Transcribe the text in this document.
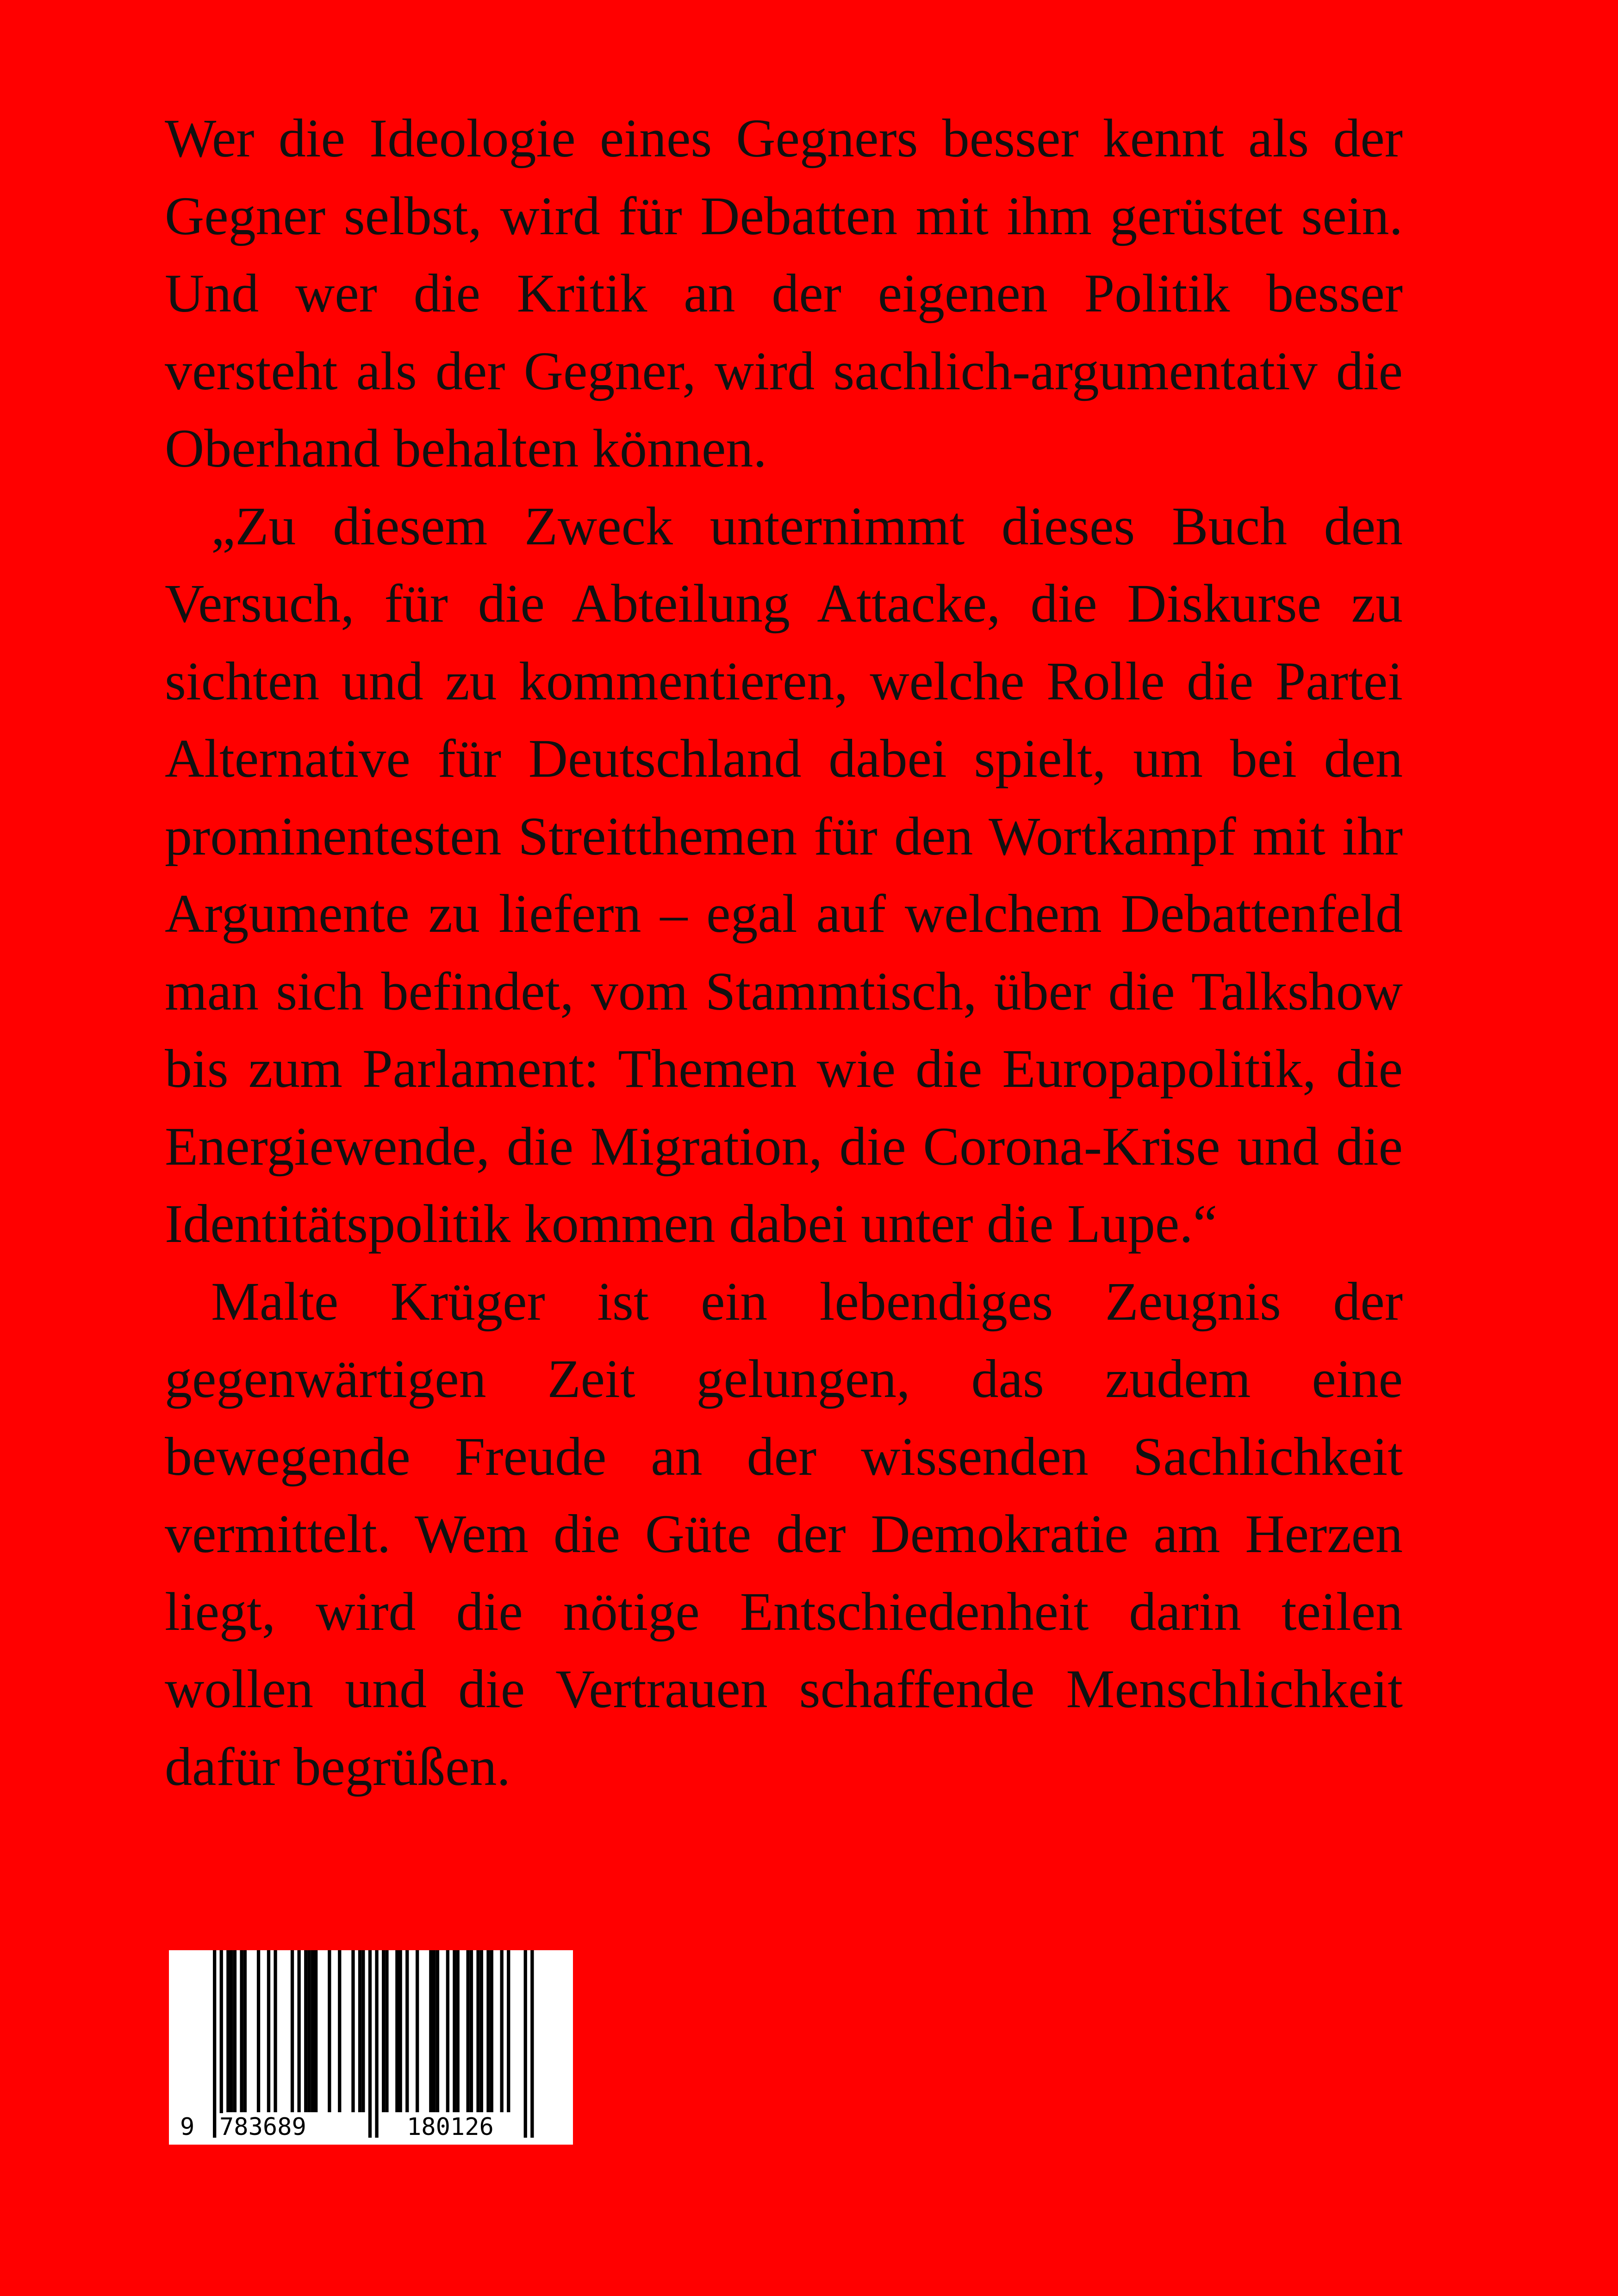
Wer die Ideologie eines Gegners besser kennt als der Gegner selbst, wird für Debatten mit ihm gerüstet sein. Und wer die Kritik an der eigenen Politik besser versteht als der Gegner, wird sachlich-argumentativ die Oberhand behalten können.

„Zu diesem Zweck unternimmt dieses Buch den Versuch, für die Abteilung Attacke, die Diskurse zu sichten und zu kommentieren, welche Rolle die Partei Alternative für Deutschland dabei spielt, um bei den prominentesten Streitthemen für den Wortkampf mit ihr Argumente zu liefern – egal auf welchem Debattenfeld man sich befindet, vom Stammtisch, über die Talkshow bis zum Parlament: Themen wie die Europapolitik, die Energiewende, die Migration, die Corona-Krise und die Identitätspolitik kommen dabei unter die Lupe.“

Malte Krüger ist ein lebendiges Zeugnis der gegenwärtigen Zeit gelungen, das zudem eine bewegende Freude an der wissenden Sachlichkeit vermittelt. Wem die Güte der Demokratie am Herzen liegt, wird die nötige Entschiedenheit darin teilen wollen und die Vertrauen schaffende Menschlichkeit dafür begrüßen.

9 783689	180126
